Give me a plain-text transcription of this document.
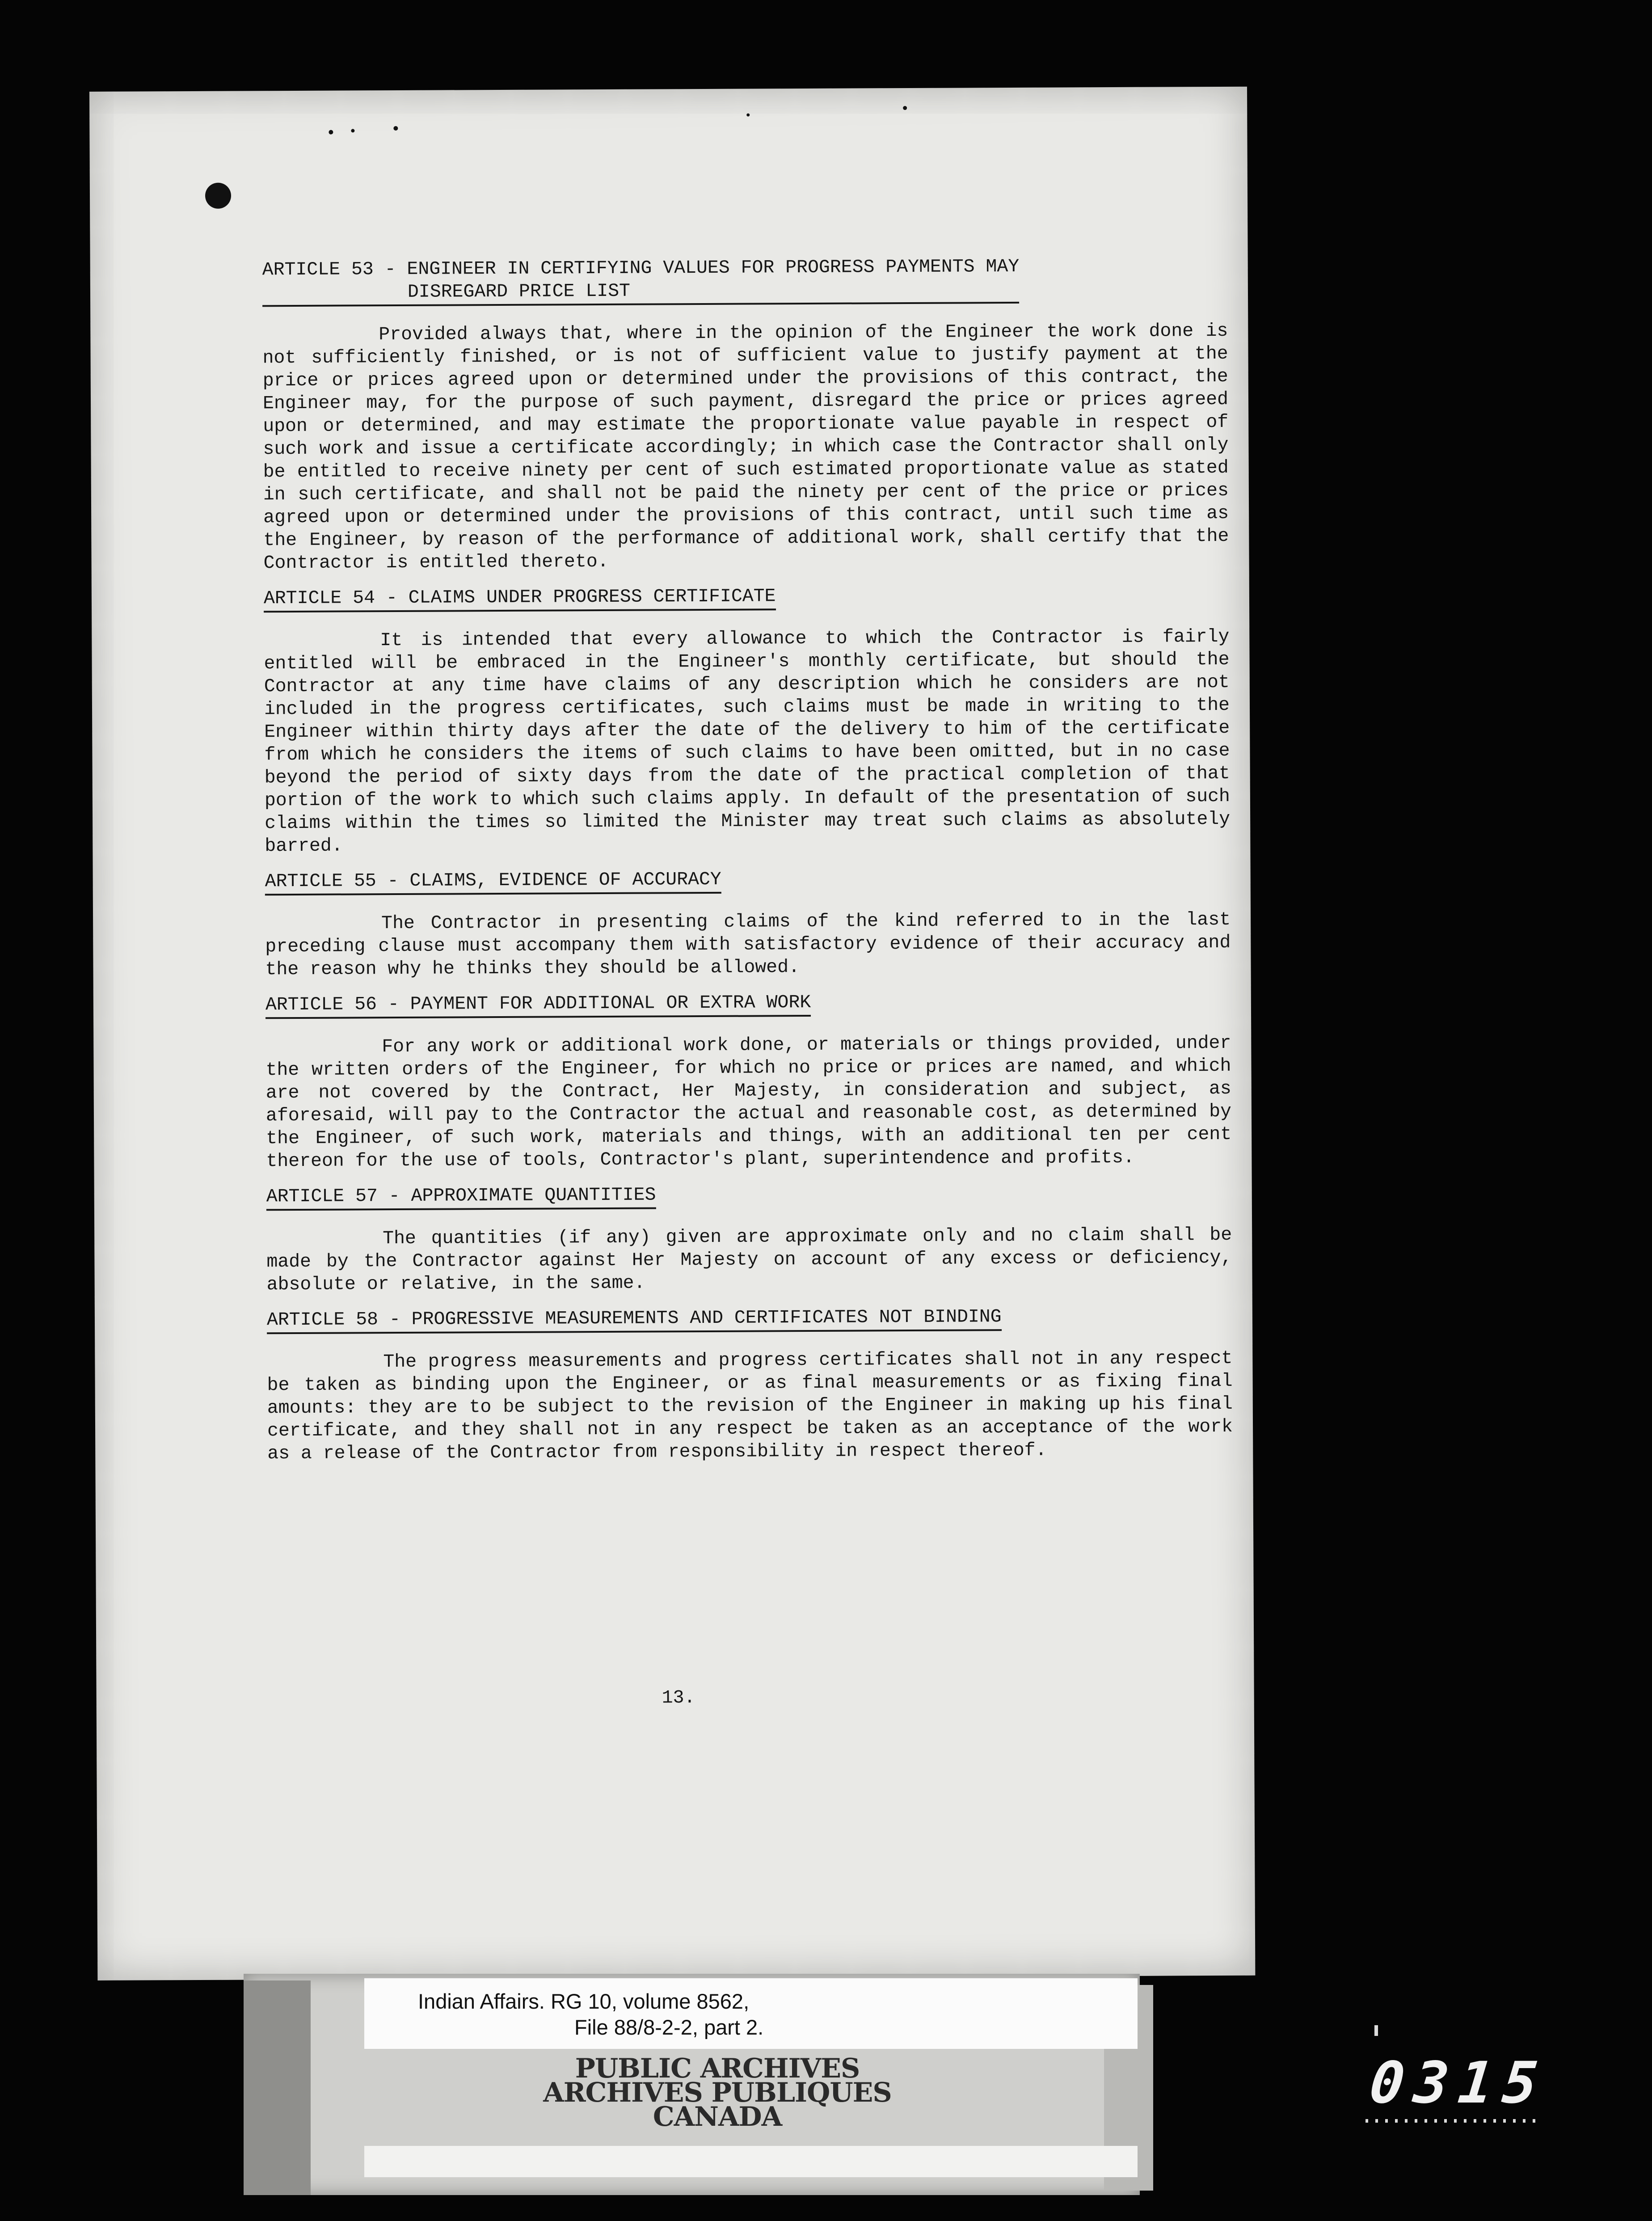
ARTICLE 53 - ENGINEER IN CERTIFYING VALUES FOR PROGRESS PAYMENTS MAY
DISREGARD PRICE LIST

Provided always that, where in the opinion of the Engineer the work done is not sufficiently finished, or is not of sufficient value to justify payment at the price or prices agreed upon or determined under the provisions of this contract, the Engineer may, for the purpose of such payment, disregard the price or prices agreed upon or determined, and may estimate the proportionate value payable in respect of such work and issue a certificate accordingly; in which case the Contractor shall only be entitled to receive ninety per cent of such estimated proportionate value as stated in such certificate, and shall not be paid the ninety per cent of the price or prices agreed upon or determined under the provisions of this contract, until such time as the Engineer, by reason of the performance of additional work, shall certify that the Contractor is entitled thereto.

ARTICLE 54 - CLAIMS UNDER PROGRESS CERTIFICATE

It is intended that every allowance to which the Contractor is fairly entitled will be embraced in the Engineer's monthly certificate, but should the Contractor at any time have claims of any description which he considers are not included in the progress certificates, such claims must be made in writing to the Engineer within thirty days after the date of the delivery to him of the certificate from which he considers the items of such claims to have been omitted, but in no case beyond the period of sixty days from the date of the practical completion of that portion of the work to which such claims apply. In default of the presentation of such claims within the times so limited the Minister may treat such claims as absolutely barred.

ARTICLE 55 - CLAIMS, EVIDENCE OF ACCURACY

The Contractor in presenting claims of the kind referred to in the last preceding clause must accompany them with satisfactory evidence of their accuracy and the reason why he thinks they should be allowed.

ARTICLE 56 - PAYMENT FOR ADDITIONAL OR EXTRA WORK

For any work or additional work done, or materials or things provided, under the written orders of the Engineer, for which no price or prices are named, and which are not covered by the Contract, Her Majesty, in consideration and subject, as aforesaid, will pay to the Contractor the actual and reasonable cost, as determined by the Engineer, of such work, materials and things, with an additional ten per cent thereon for the use of tools, Contractor's plant, superintendence and profits.

ARTICLE 57 - APPROXIMATE QUANTITIES

The quantities (if any) given are approximate only and no claim shall be made by the Contractor against Her Majesty on account of any excess or deficiency, absolute or relative, in the same.

ARTICLE 58 - PROGRESSIVE MEASUREMENTS AND CERTIFICATES NOT BINDING

The progress measurements and progress certificates shall not in any respect be taken as binding upon the Engineer, or as final measurements or as fixing final amounts: they are to be subject to the revision of the Engineer in making up his final certificate, and they shall not in any respect be taken as an acceptance of the work as a release of the Contractor from responsibility in respect thereof.

13.
Indian Affairs. RG 10, volume 8562,
File 88/8-2-2, part 2.
PUBLIC ARCHIVES
ARCHIVES PUBLIQUES
CANADA
0315
